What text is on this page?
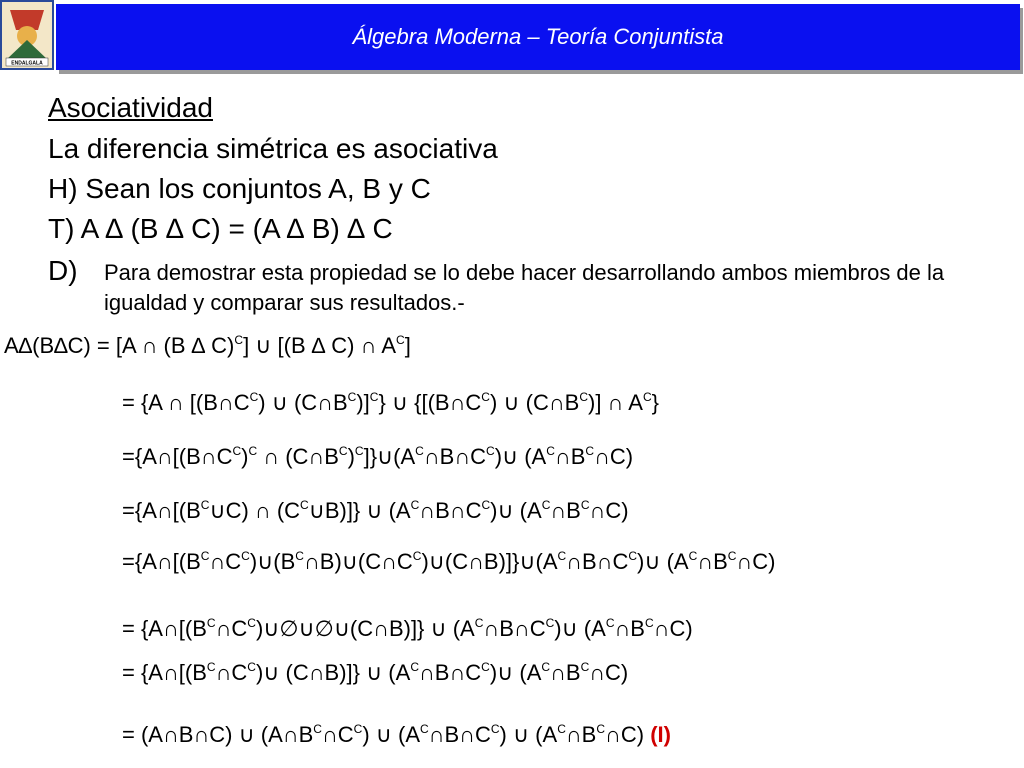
ENDALGALA
Álgebra Moderna – Teoría Conjuntista
Asociatividad
La diferencia simétrica es asociativa
H) Sean los conjuntos A, B y C
T) A ∆ (B ∆ C) = (A ∆ B) ∆ C
D) Para demostrar esta propiedad se lo debe hacer desarrollando ambos miembros de la igualdad y comparar sus resultados.-
A∆(B∆C) = [A ∩ (B ∆ C)$^C$] ∪ [(B ∆ C) ∩ $A^C$]
= {A ∩ [$(B\cap C^C)$ ∪ $(C\cap B^C)]^C$} ∪ {[$(B\cap C^C)$ ∪ $(C\cap B^C)$] ∩ $A^C$}
$=\{A\cap[(B\cap C^C)^C$ ∩ $(C\cap B^C)^C]\}\cup(A^C\cap B\cap C^C)\cup$ $(A^C\cap B^C\cap C)$
$=\{A\cap[(B^C\cup C)$ ∩ $(C^C\cup B)$]} ∪ $(A^C\cap B\cap C^C)\cup$ $(A^C\cap B^C\cap C)$
$=\{A\cap[(B^C\cap C^C)\cup(B^C\cap B)\cup(C\cap C^C)\cup(C\cap B)]\}\cup(A^C\cap B\cap C^C)\cup$ $(A^C\cap B^C\cap C)$
= $\{A\cap[(B^C\cap C^C)\cup\emptyset\cup\emptyset\cup(C\cap B)]\}$ ∪ $(A^C\cap B\cap C^C)\cup$ $(A^C\cap B^C\cap C)$
= {$A\cap[(B^C\cap C^C)\cup$ (C∩B)]} ∪ $(A^C\cap B\cap C^C)\cup$ $(A^C\cap B^C\cap C)$
= (A∩B∩C) ∪ $(A\cap B^C\cap C^C)$ ∪ $(A^C\cap B\cap C^C)$ ∪ $(A^C\cap B^C\cap C)$ (I)
